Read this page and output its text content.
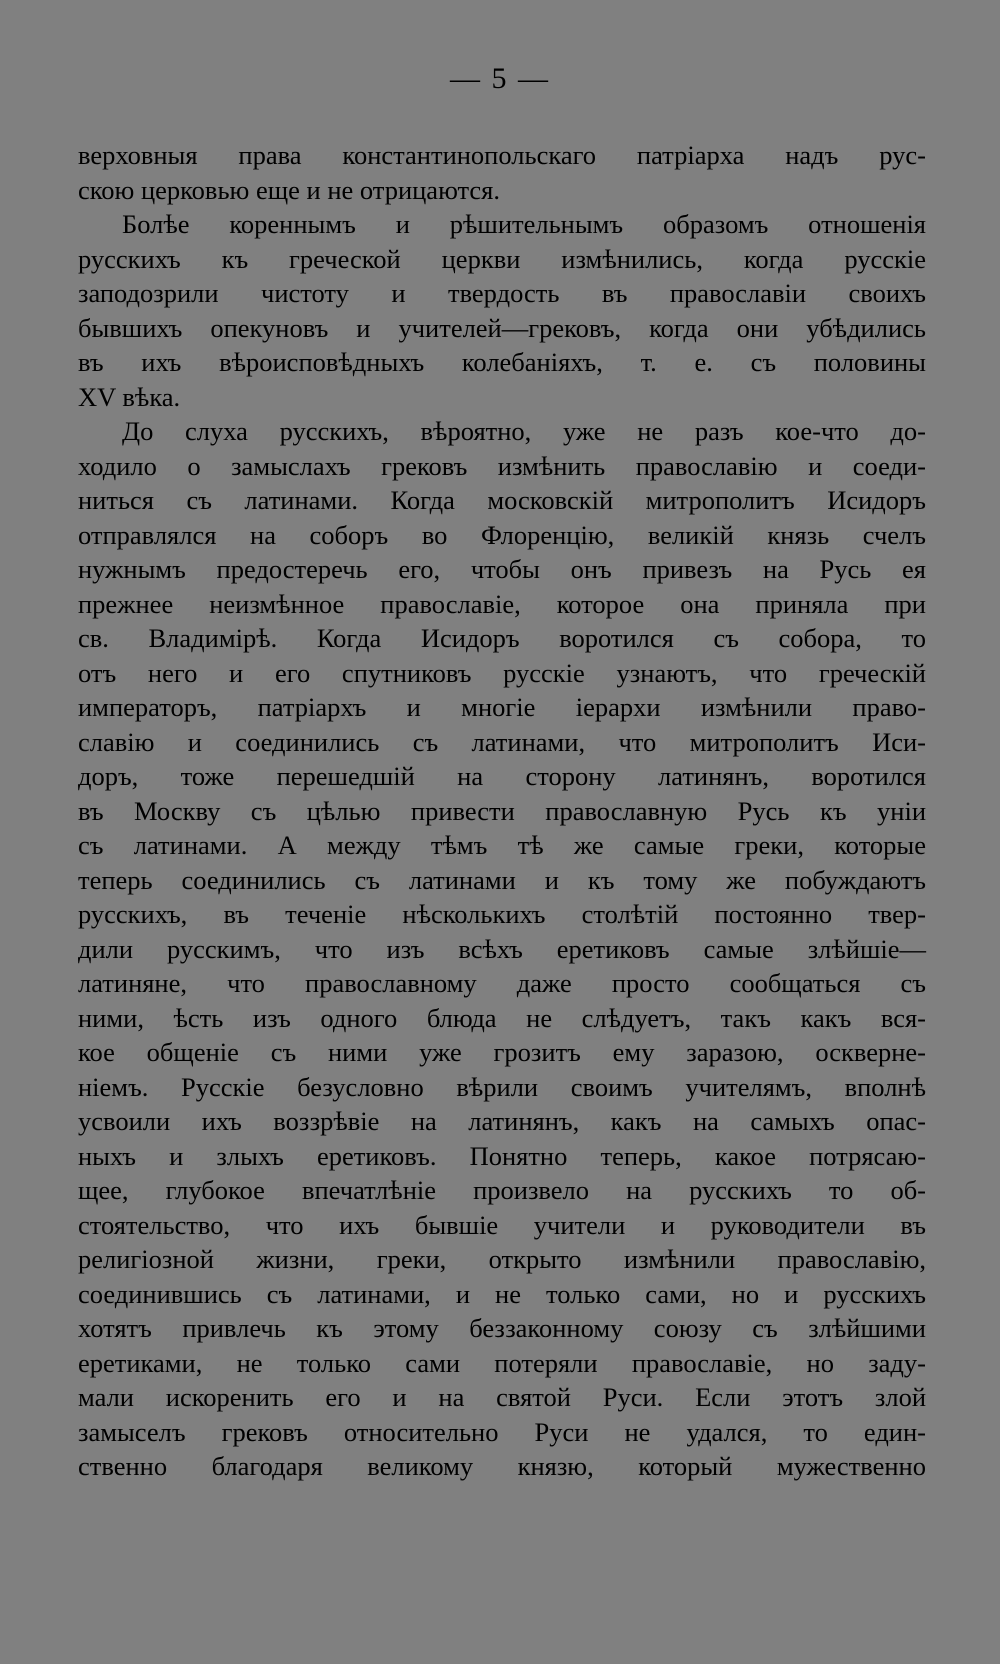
— 5 —
верховныя права константинопольскаго патріарха надъ рус-
скою церковью еще и не отрицаются.
Болѣе кореннымъ и рѣшительнымъ образомъ отношенія
русскихъ къ греческой церкви измѣнились, когда русскіе
заподозрили чистоту и твердость въ православіи своихъ
бывшихъ опекуновъ и учителей—грековъ, когда они убѣдились
въ ихъ вѣроисповѣдныхъ колебаніяхъ, т. е. съ половины
XV вѣка.
До слуха русскихъ, вѣроятно, уже не разъ кое-что до-
ходило о замыслахъ грековъ измѣнить православію и соеди-
ниться съ латинами. Когда московскій митрополитъ Исидоръ
отправлялся на соборъ во Флоренцію, великій князь счелъ
нужнымъ предостеречь его, чтобы онъ привезъ на Русь ея
прежнее неизмѣнное православіе, которое она приняла при
св. Владимірѣ. Когда Исидоръ воротился съ собора, то
отъ него и его спутниковъ русскіе узнаютъ, что греческій
императоръ, патріархъ и многіе іерархи измѣнили право-
славію и соединились съ латинами, что митрополитъ Иси-
доръ, тоже перешедшій на сторону латинянъ, воротился
въ Москву съ цѣлью привести православную Русь къ уніи
съ латинами. А между тѣмъ тѣ же самые греки, которые
теперь соединились съ латинами и къ тому же побуждаютъ
русскихъ, въ теченіе нѣсколькихъ столѣтій постоянно твер-
дили русскимъ, что изъ всѣхъ еретиковъ самые злѣйшіе—
латиняне, что православному даже просто сообщаться съ
ними, ѣсть изъ одного блюда не слѣдуетъ, такъ какъ вся-
кое общеніе съ ними уже грозитъ ему заразою, оскверне-
ніемъ. Русскіе безусловно вѣрили своимъ учителямъ, вполнѣ
усвоили ихъ воззрѣвіе на латинянъ, какъ на самыхъ опас-
ныхъ и злыхъ еретиковъ. Понятно теперь, какое потрясаю-
щее, глубокое впечатлѣніе произвело на русскихъ то об-
стоятельство, что ихъ бывшіе учители и руководители въ
религіозной жизни, греки, открыто измѣнили православію,
соединившись съ латинами, и не только сами, но и русскихъ
хотятъ привлечь къ этому беззаконному союзу съ злѣйшими
еретиками, не только сами потеряли православіе, но заду-
мали искоренить его и на святой Руси. Если этотъ злой
замыселъ грековъ относительно Руси не удался, то един-
ственно благодаря великому князю, который мужественно
